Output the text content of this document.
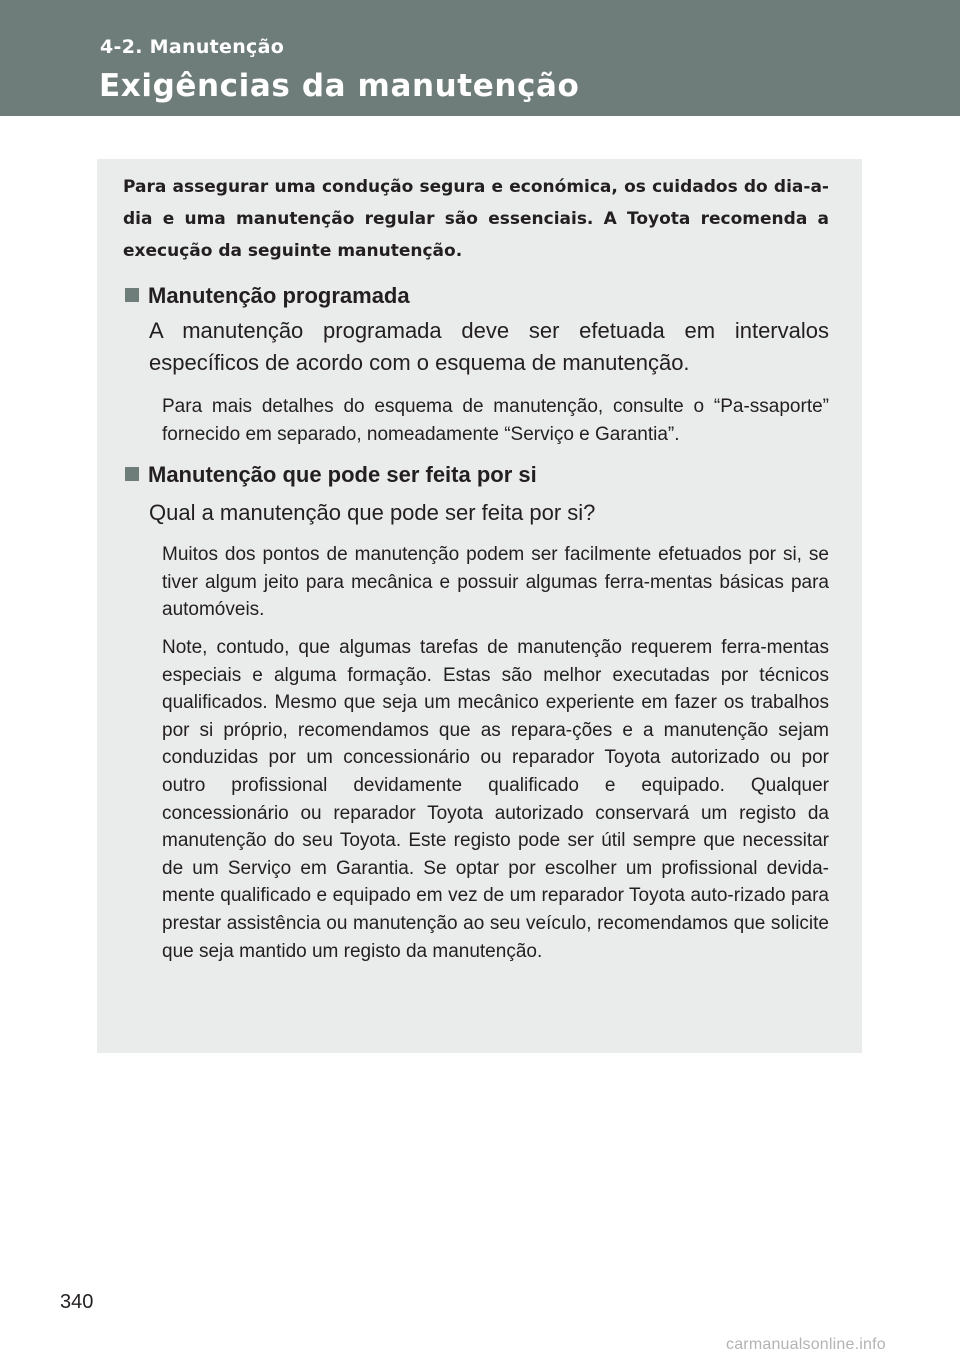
4-2. Manutenção
Exigências da manutenção

Para assegurar uma condução segura e económica, os cuidados do dia-a-dia e uma manutenção regular são essenciais. A Toyota recomenda a execução da seguinte manutenção.

Manutenção programada

A manutenção programada deve ser efetuada em intervalos específicos de acordo com o esquema de manutenção.

Para mais detalhes do esquema de manutenção, consulte o “Pa-ssaporte” fornecido em separado, nomeadamente “Serviço e Garantia”.

Manutenção que pode ser feita por si

Qual a manutenção que pode ser feita por si?

Muitos dos pontos de manutenção podem ser facilmente efetuados por si, se tiver algum jeito para mecânica e possuir algumas ferra-mentas básicas para automóveis.

Note, contudo, que algumas tarefas de manutenção requerem ferra-mentas especiais e alguma formação. Estas são melhor executadas por técnicos qualificados. Mesmo que seja um mecânico experiente em fazer os trabalhos por si próprio, recomendamos que as repara-ções e a manutenção sejam conduzidas por um concessionário ou reparador Toyota autorizado ou por outro profissional devidamente qualificado e equipado. Qualquer concessionário ou reparador Toyota autorizado conservará um registo da manutenção do seu Toyota. Este registo pode ser útil sempre que necessitar de um Serviço em Garantia. Se optar por escolher um profissional devida-mente qualificado e equipado em vez de um reparador Toyota auto-rizado para prestar assistência ou manutenção ao seu veículo, recomendamos que solicite que seja mantido um registo da manutenção.

340
carmanualsonline.info
